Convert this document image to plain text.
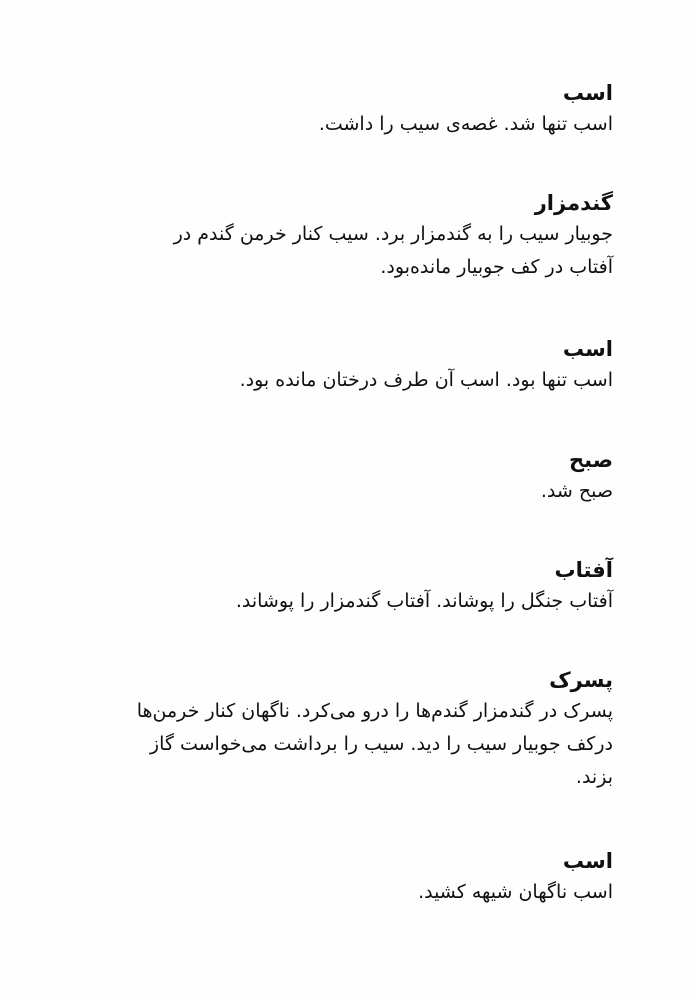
اسب
اسب تنها شد. غصه‌ی سیب را داشت.
گندمزار
جوبیار سیب را به گندمزار برد. سیب کنار خرمن گندم در
آفتاب در کف جوبیار مانده‌بود.
اسب
اسب تنها بود. اسب آن طرف درختان مانده بود.
صبح
صبح شد.
آفتاب
آفتاب جنگل را پوشاند. آفتاب گندمزار را پوشاند.
پسرک
پسرک در گندمزار گندم‌ها را درو می‌کرد. ناگهان کنار خرمن‌ها
درکف جوبیار سیب را دید. سیب را برداشت می‌خواست گاز
بزند.
اسب
اسب ناگهان شیهه کشید.
